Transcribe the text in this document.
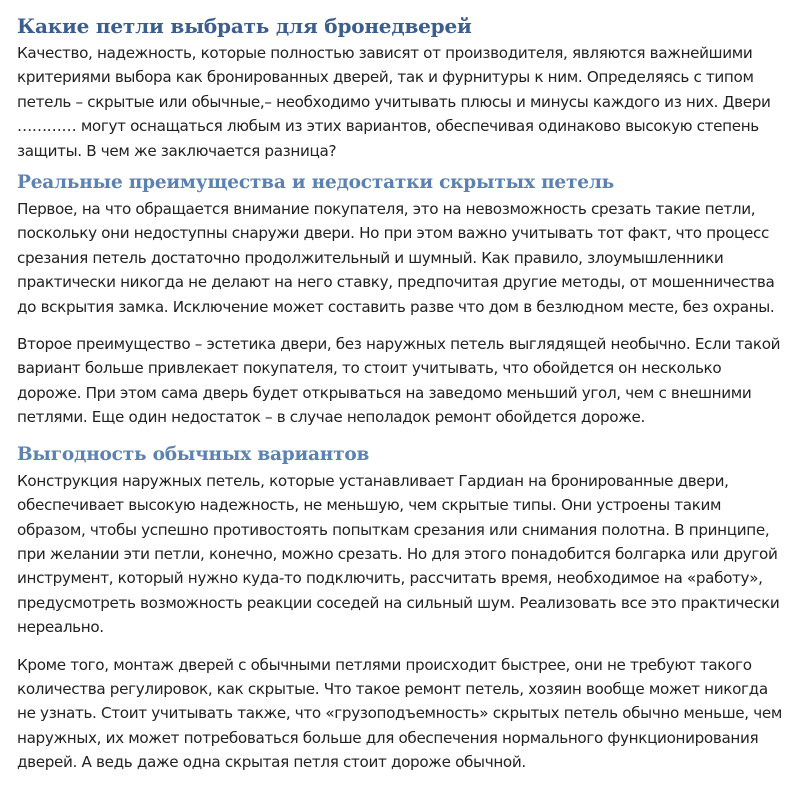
Какие петли выбрать для бронедверей

Качество, надежность, которые полностью зависят от производителя, являются важнейшими критериями выбора как бронированных дверей, так и фурнитуры к ним. Определяясь с типом петель – скрытые или обычные,– необходимо учитывать плюсы и минусы каждого из них. Двери ………… могут оснащаться любым из этих вариантов, обеспечивая одинаково высокую степень защиты. В чем же заключается разница?

Реальные преимущества и недостатки скрытых петель

Первое, на что обращается внимание покупателя, это на невозможность срезать такие петли, поскольку они недоступны снаружи двери. Но при этом важно учитывать тот факт, что процесс срезания петель достаточно продолжительный и шумный. Как правило, злоумышленники практически никогда не делают на него ставку, предпочитая другие методы, от мошенничества до вскрытия замка. Исключение может составить разве что дом в безлюдном месте, без охраны.

Второе преимущество – эстетика двери, без наружных петель выглядящей необычно. Если такой вариант больше привлекает покупателя, то стоит учитывать, что обойдется он несколько дороже. При этом сама дверь будет открываться на заведомо меньший угол, чем с внешними петлями. Еще один недостаток – в случае неполадок ремонт обойдется дороже.

Выгодность обычных вариантов

Конструкция наружных петель, которые устанавливает Гардиан на бронированные двери, обеспечивает высокую надежность, не меньшую, чем скрытые типы. Они устроены таким образом, чтобы успешно противостоять попыткам срезания или снимания полотна. В принципе, при желании эти петли, конечно, можно срезать. Но для этого понадобится болгарка или другой инструмент, который нужно куда-то подключить, рассчитать время, необходимое на «работу», предусмотреть возможность реакции соседей на сильный шум. Реализовать все это практически нереально.

Кроме того, монтаж дверей с обычными петлями происходит быстрее, они не требуют такого количества регулировок, как скрытые. Что такое ремонт петель, хозяин вообще может никогда не узнать. Стоит учитывать также, что «грузоподъемность» скрытых петель обычно меньше, чем наружных, их может потребоваться больше для обеспечения нормального функционирования дверей. А ведь даже одна скрытая петля стоит дороже обычной.
